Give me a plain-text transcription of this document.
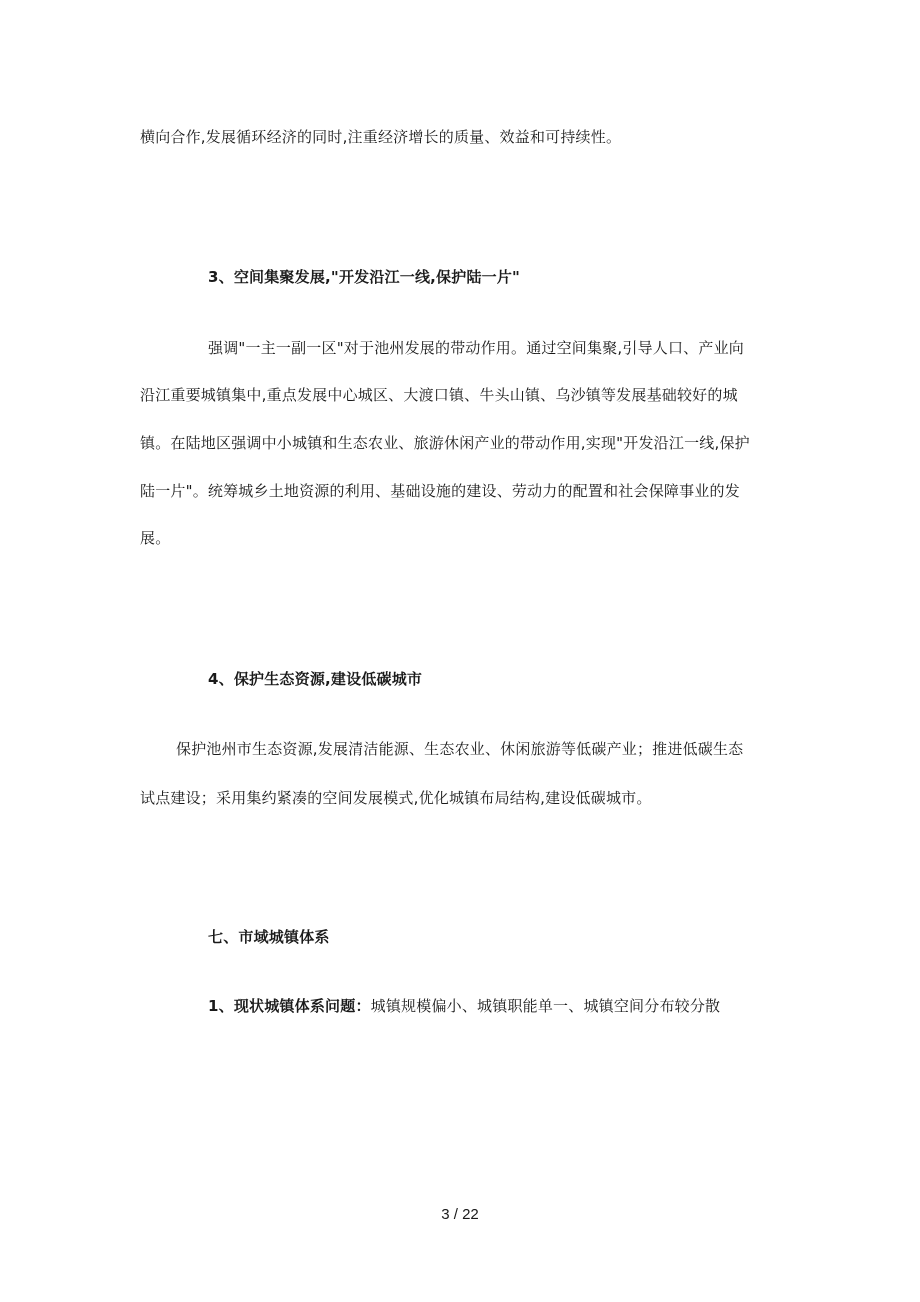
横向合作,发展循环经济的同时,注重经济增长的质量、效益和可持续性。
3、空间集聚发展,"开发沿江一线,保护陆一片"
强调"一主一副一区"对于池州发展的带动作用。通过空间集聚,引导人口、产业向
沿江重要城镇集中,重点发展中心城区、大渡口镇、牛头山镇、乌沙镇等发展基础较好的城
镇。在陆地区强调中小城镇和生态农业、旅游休闲产业的带动作用,实现"开发沿江一线,保护
陆一片"。统筹城乡土地资源的利用、基础设施的建设、劳动力的配置和社会保障事业的发
展。
4、保护生态资源,建设低碳城市
保护池州市生态资源,发展清洁能源、生态农业、休闲旅游等低碳产业；推进低碳生态
试点建设；采用集约紧凑的空间发展模式,优化城镇布局结构,建设低碳城市。
七、市域城镇体系
1、现状城镇体系问题：城镇规模偏小、城镇职能单一、城镇空间分布较分散
3 / 22
